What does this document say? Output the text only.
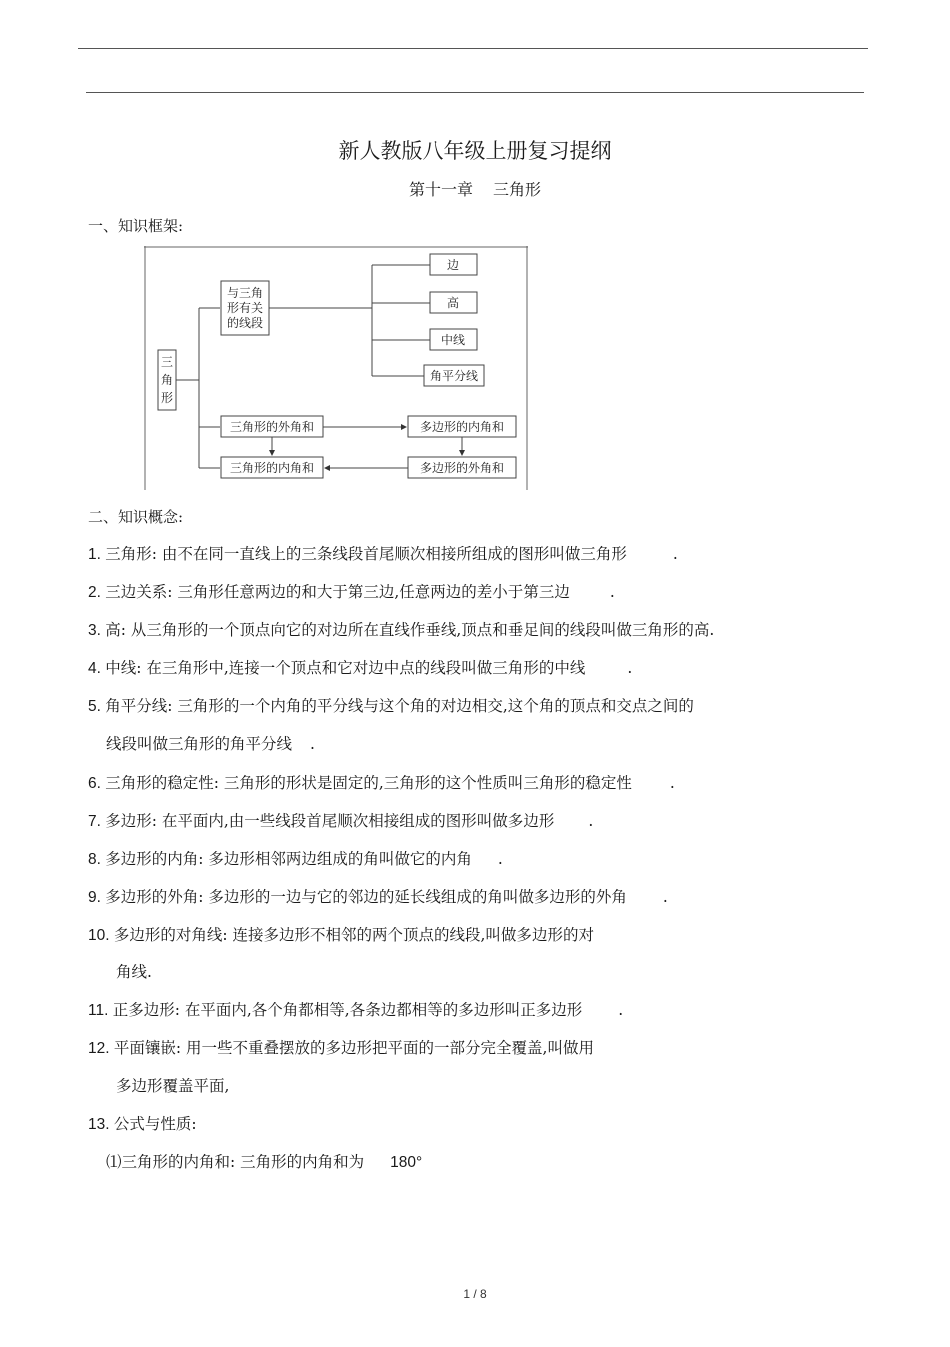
新人教版八年级上册复习提纲
第十一章 三角形
一、知识框架:
三
角
形
与三角
形有关
的线段
边
高
中线
角平分线
三角形的外角和	多边形的内角和
三角形的内角和	多边形的外角和
二、知识概念:
1. 三角形: 由不在同一直线上的三条线段首尾顺次相接所组成的图形叫做三角形	.
2. 三边关系: 三角形任意两边的和大于第三边,任意两边的差小于第三边	.
3. 高: 从三角形的一个顶点向它的对边所在直线作垂线,顶点和垂足间的线段叫做三角形的高.
4. 中线: 在三角形中,连接一个顶点和它对边中点的线段叫做三角形的中线	.
5. 角平分线: 三角形的一个内角的平分线与这个角的对边相交,这个角的顶点和交点之间的
线段叫做三角形的角平分线 .
6. 三角形的稳定性: 三角形的形状是固定的,三角形的这个性质叫三角形的稳定性 .
7. 多边形: 在平面内,由一些线段首尾顺次相接组成的图形叫做多边形 .
8. 多边形的内角: 多边形相邻两边组成的角叫做它的内角 .
9. 多边形的外角: 多边形的一边与它的邻边的延长线组成的角叫做多边形的外角 .
10. 多边形的对角线: 连接多边形不相邻的两个顶点的线段,叫做多边形的对
角线.
11. 正多边形: 在平面内,各个角都相等,各条边都相等的多边形叫正多边形 .
12. 平面镶嵌: 用一些不重叠摆放的多边形把平面的一部分完全覆盖,叫做用
多边形覆盖平面,
13. 公式与性质:
⑴三角形的内角和: 三角形的内角和为 180°
1 / 8
